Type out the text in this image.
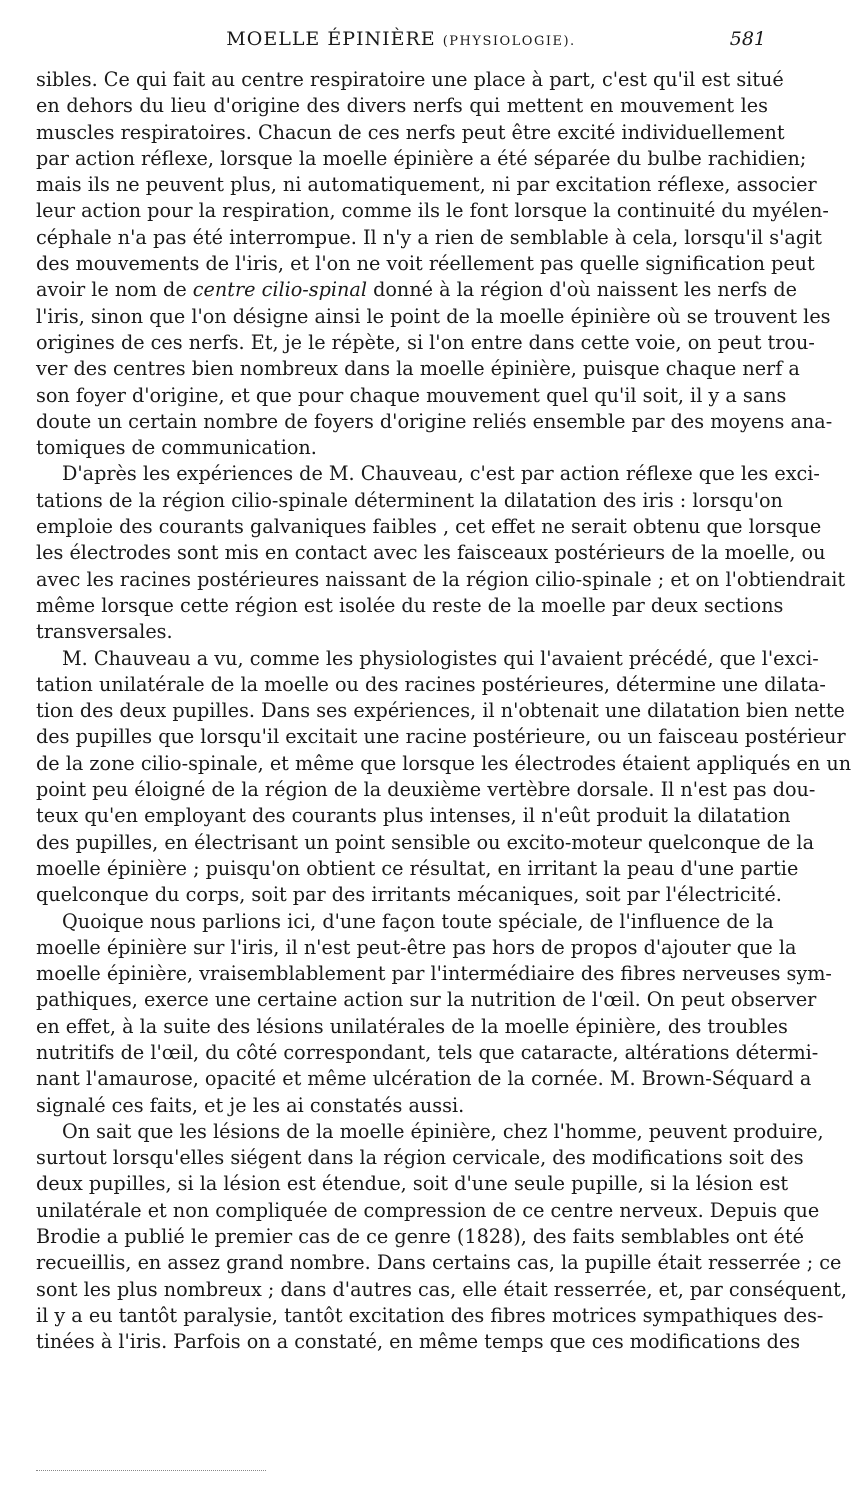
MOELLE ÉPINIÈRE (PHYSIOLOGIE).	581
sibles. Ce qui fait au centre respiratoire une place à part, c'est qu'il est situé
en dehors du lieu d'origine des divers nerfs qui mettent en mouvement les
muscles respiratoires. Chacun de ces nerfs peut être excité individuellement
par action réflexe, lorsque la moelle épinière a été séparée du bulbe rachidien;
mais ils ne peuvent plus, ni automatiquement, ni par excitation réflexe, associer
leur action pour la respiration, comme ils le font lorsque la continuité du myélen-
céphale n'a pas été interrompue. Il n'y a rien de semblable à cela, lorsqu'il s'agit
des mouvements de l'iris, et l'on ne voit réellement pas quelle signification peut
avoir le nom de centre cilio-spinal donné à la région d'où naissent les nerfs de
l'iris, sinon que l'on désigne ainsi le point de la moelle épinière où se trouvent les
origines de ces nerfs. Et, je le répète, si l'on entre dans cette voie, on peut trou-
ver des centres bien nombreux dans la moelle épinière, puisque chaque nerf a
son foyer d'origine, et que pour chaque mouvement quel qu'il soit, il y a sans
doute un certain nombre de foyers d'origine reliés ensemble par des moyens ana-
tomiques de communication.
D'après les expériences de M. Chauveau, c'est par action réflexe que les exci-
tations de la région cilio-spinale déterminent la dilatation des iris : lorsqu'on
emploie des courants galvaniques faibles , cet effet ne serait obtenu que lorsque
les électrodes sont mis en contact avec les faisceaux postérieurs de la moelle, ou
avec les racines postérieures naissant de la région cilio-spinale ; et on l'obtiendrait
même lorsque cette région est isolée du reste de la moelle par deux sections
transversales.
M. Chauveau a vu, comme les physiologistes qui l'avaient précédé, que l'exci-
tation unilatérale de la moelle ou des racines postérieures, détermine une dilata-
tion des deux pupilles. Dans ses expériences, il n'obtenait une dilatation bien nette
des pupilles que lorsqu'il excitait une racine postérieure, ou un faisceau postérieur
de la zone cilio-spinale, et même que lorsque les électrodes étaient appliqués en un
point peu éloigné de la région de la deuxième vertèbre dorsale. Il n'est pas dou-
teux qu'en employant des courants plus intenses, il n'eût produit la dilatation
des pupilles, en électrisant un point sensible ou excito-moteur quelconque de la
moelle épinière ; puisqu'on obtient ce résultat, en irritant la peau d'une partie
quelconque du corps, soit par des irritants mécaniques, soit par l'électricité.
Quoique nous parlions ici, d'une façon toute spéciale, de l'influence de la
moelle épinière sur l'iris, il n'est peut-être pas hors de propos d'ajouter que la
moelle épinière, vraisemblablement par l'intermédiaire des fibres nerveuses sym-
pathiques, exerce une certaine action sur la nutrition de l'œil. On peut observer
en effet, à la suite des lésions unilatérales de la moelle épinière, des troubles
nutritifs de l'œil, du côté correspondant, tels que cataracte, altérations détermi-
nant l'amaurose, opacité et même ulcération de la cornée. M. Brown-Séquard a
signalé ces faits, et je les ai constatés aussi.
On sait que les lésions de la moelle épinière, chez l'homme, peuvent produire,
surtout lorsqu'elles siégent dans la région cervicale, des modifications soit des
deux pupilles, si la lésion est étendue, soit d'une seule pupille, si la lésion est
unilatérale et non compliquée de compression de ce centre nerveux. Depuis que
Brodie a publié le premier cas de ce genre (1828), des faits semblables ont été
recueillis, en assez grand nombre. Dans certains cas, la pupille était resserrée ; ce
sont les plus nombreux ; dans d'autres cas, elle était resserrée, et, par conséquent,
il y a eu tantôt paralysie, tantôt excitation des fibres motrices sympathiques des-
tinées à l'iris. Parfois on a constaté, en même temps que ces modifications des
